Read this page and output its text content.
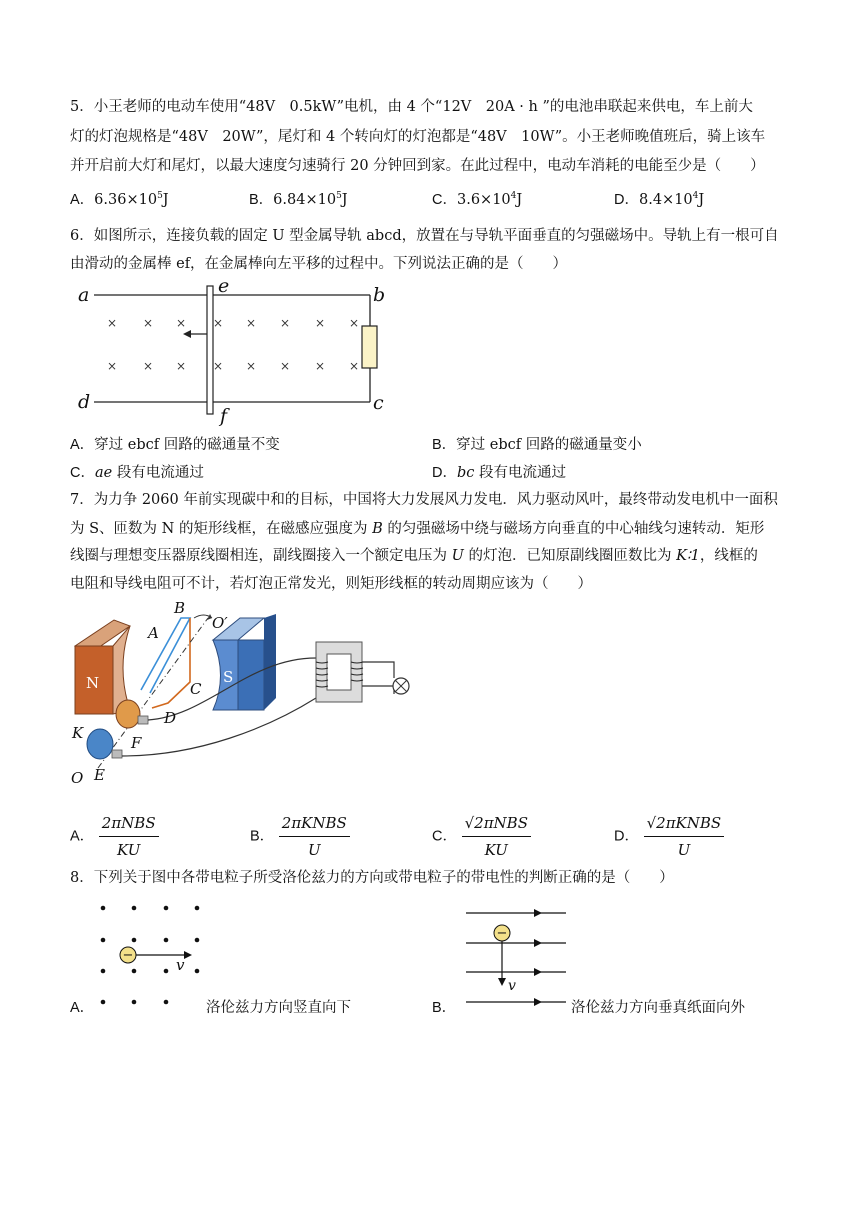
5．小王老师的电动车使用“48V　0.5kW”电机，由 4 个“12V　20A · h ”的电池串联起来供电，车上前大
灯的灯泡规格是“48V　20W”，尾灯和 4 个转向灯的灯泡都是“48V　10W”。小王老师晚值班后，骑上该车
并开启前大灯和尾灯，以最大速度匀速骑行 20 分钟回到家。在此过程中，电动车消耗的电能至少是（　　）
A．$6.36\times 10^5J$	B．$6.84\times 10^5J$	C．$3.6\times 10^4J$	D．$8.4\times 10^4J$
6．如图所示，连接负载的固定 U 型金属导轨 abcd，放置在与导轨平面垂直的匀强磁场中。导轨上有一根可自
由滑动的金属棒 ef，在金属棒向左平移的过程中。下列说法正确的是（　　）
× × × × × × × ×
× × × × × × × ×
a	e	b
d
f
c
A．穿过 ebcf 回路的磁通量不变	B．穿过 ebcf 回路的磁通量变小
C．ae 段有电流通过	D．bc 段有电流通过
7．为力争 2060 年前实现碳中和的目标，中国将大力发展风力发电．风力驱动风叶，最终带动发电机中一面积
为 S、匝数为 N 的矩形线框，在磁感应强度为 B 的匀强磁场中绕与磁场方向垂直的中心轴线匀速转动．矩形
线圈与理想变压器原线圈相连，副线圈接入一个额定电压为 U 的灯泡．已知原副线圈匝数比为 K∶1，线框的
电阻和导线电阻可不计，若灯泡正常发光，则矩形线框的转动周期应该为（　　）
N	S
B
A
C
D
F
E
K
O
O′
A． $\frac{\text{2πNBS}}{KU}$	B． $\frac{\text{2πKNBS}}{U}$	C． $\frac{\text{√2πNBS}}{KU}$	D． $\frac{\text{√2πKNBS}}{U}$
8．下列关于图中各带电粒子所受洛伦兹力的方向或带电粒子的带电性的判断正确的是（　　）
−
v
A．	洛伦兹力方向竖直向下
−
v
B．	洛伦兹力方向垂真纸面向外
